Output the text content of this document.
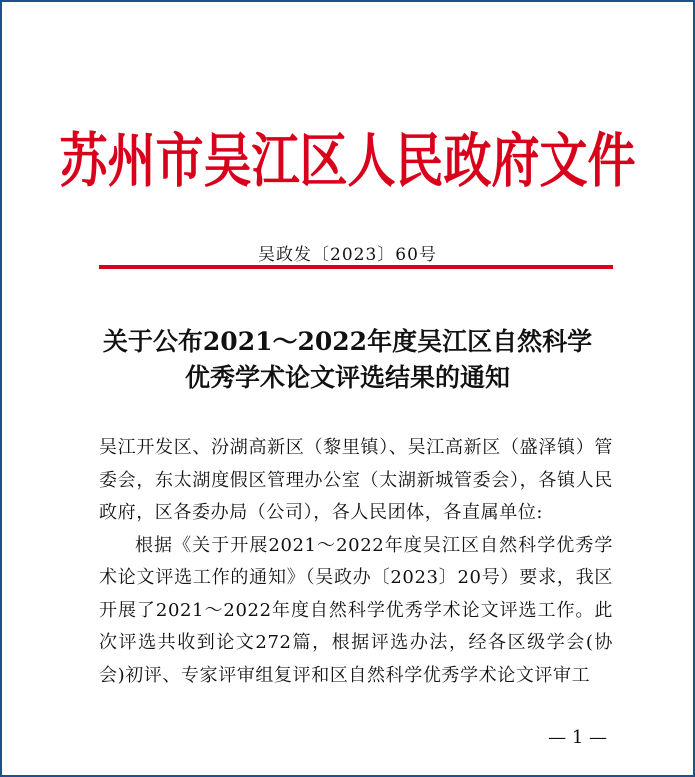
苏州市吴江区人民政府文件
吴政发〔2023〕60号
关于公布2021～2022年度吴江区自然科学
优秀学术论文评选结果的通知

吴江开发区、汾湖高新区（黎里镇）、吴江高新区（盛泽镇）管委会，东太湖度假区管理办公室（太湖新城管委会），各镇人民政府，区各委办局（公司），各人民团体，各直属单位:

根据《关于开展2021～2022年度吴江区自然科学优秀学术论文评选工作的通知》（吴政办〔2023〕20号）要求，我区开展了2021～2022年度自然科学优秀学术论文评选工作。此次评选共收到论文272篇，根据评选办法，经各区级学会(协会)初评、专家评审组复评和区自然科学优秀学术论文评审工

— 1 —
